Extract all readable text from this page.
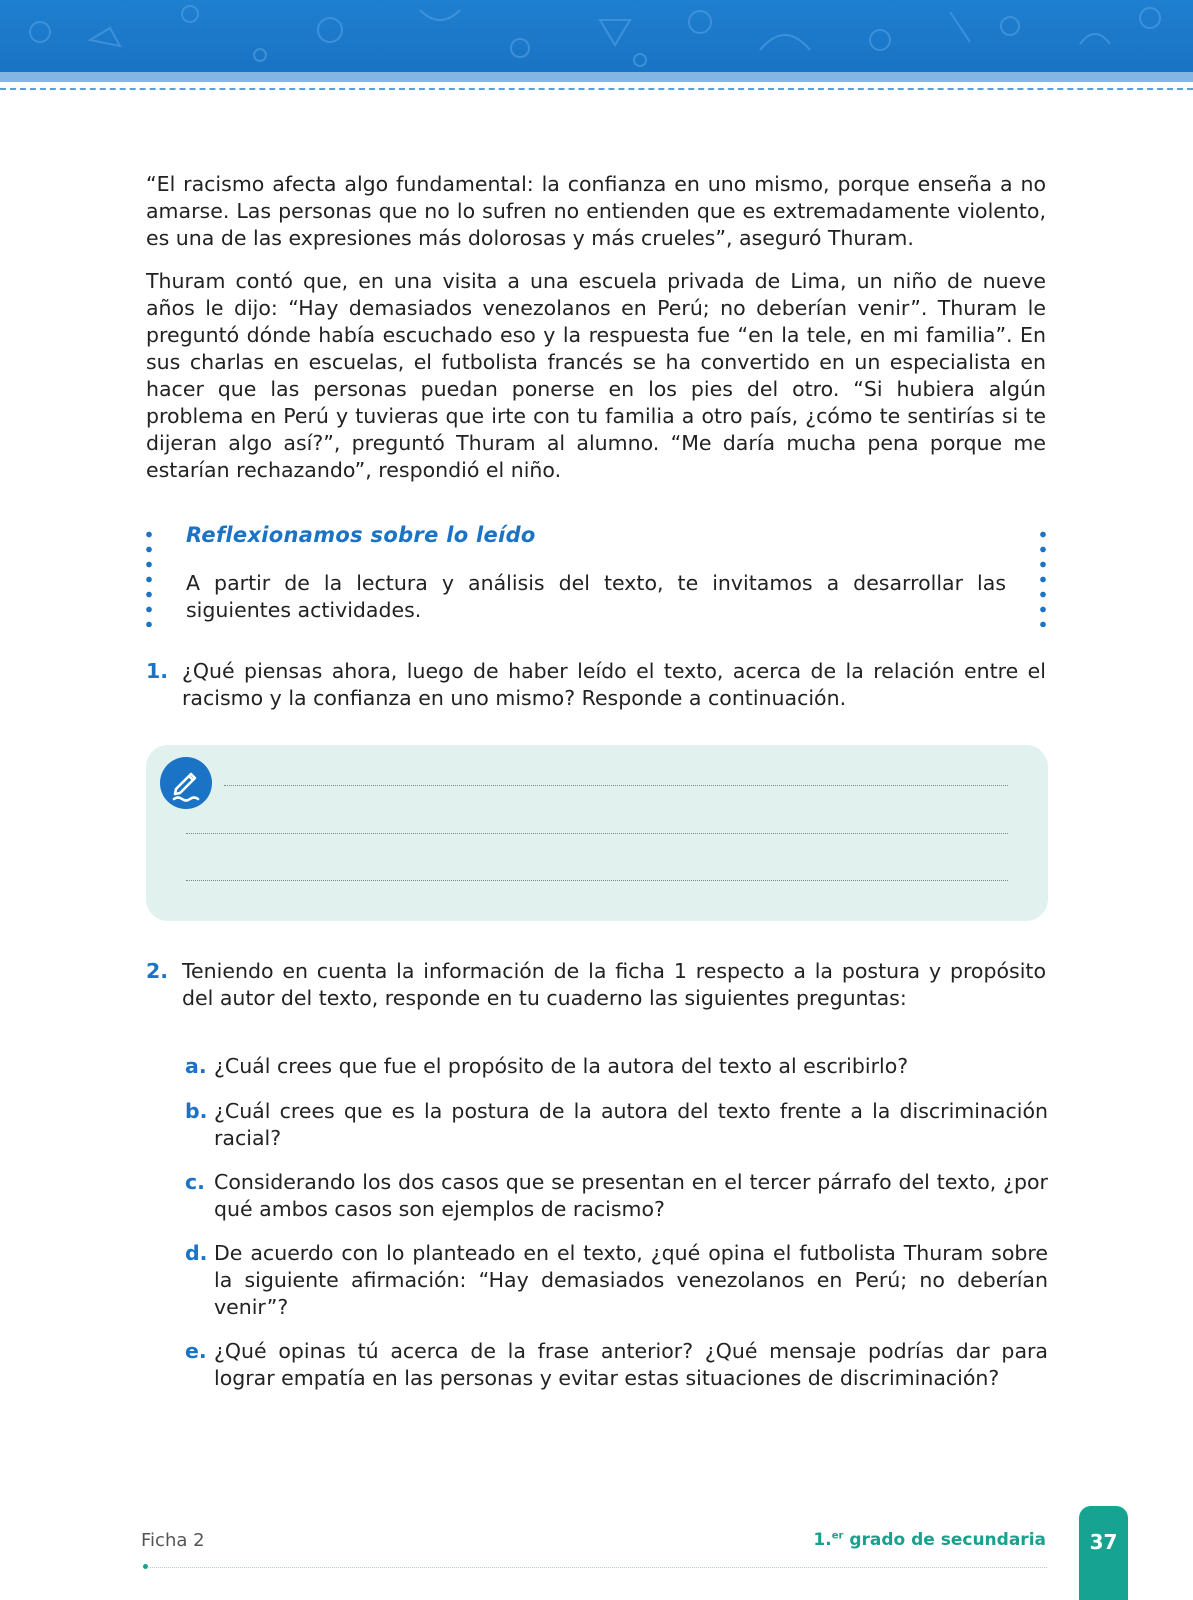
“El racismo afecta algo fundamental: la confianza en uno mismo, porque enseña a no amarse. Las personas que no lo sufren no entienden que es extremadamente violento, es una de las expresiones más dolorosas y más crueles”, aseguró Thuram.

Thuram contó que, en una visita a una escuela privada de Lima, un niño de nueve años le dijo: “Hay demasiados venezolanos en Perú; no deberían venir”. Thuram le preguntó dónde había escuchado eso y la respuesta fue “en la tele, en mi familia”. En sus charlas en escuelas, el futbolista francés se ha convertido en un especialista en hacer que las personas puedan ponerse en los pies del otro. “Si hubiera algún problema en Perú y tuvieras que irte con tu familia a otro país, ¿cómo te sentirías si te dijeran algo así?”, preguntó Thuram al alumno. “Me daría mucha pena porque me estarían rechazando”, respondió el niño.

Reflexionamos sobre lo leído

A partir de la lectura y análisis del texto, te invitamos a desarrollar las siguientes actividades.

1. ¿Qué piensas ahora, luego de haber leído el texto, acerca de la relación entre el racismo y la confianza en uno mismo? Responde a continuación.
2. Teniendo en cuenta la información de la ficha 1 respecto a la postura y propósito del autor del texto, responde en tu cuaderno las siguientes preguntas:
a. ¿Cuál crees que fue el propósito de la autora del texto al escribirlo?
b. ¿Cuál crees que es la postura de la autora del texto frente a la discriminación racial?
c. Considerando los dos casos que se presentan en el tercer párrafo del texto, ¿por qué ambos casos son ejemplos de racismo?
d. De acuerdo con lo planteado en el texto, ¿qué opina el futbolista Thuram sobre la siguiente afirmación: “Hay demasiados venezolanos en Perú; no deberían venir”?
e. ¿Qué opinas tú acerca de la frase anterior? ¿Qué mensaje podrías dar para lograr empatía en las personas y evitar estas situaciones de discriminación?
Ficha 2	1.$^{er}$ grado de secundaria	37
